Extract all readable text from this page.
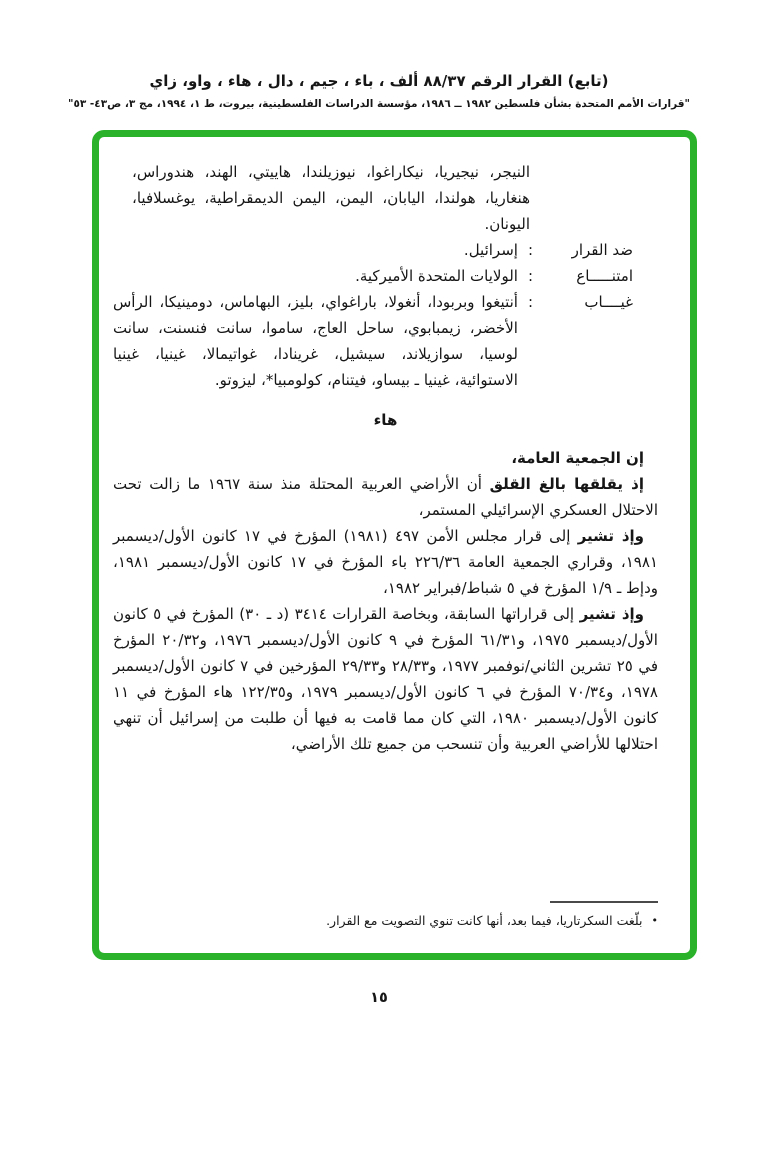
(تابع) القرار الرقم ٨٨/٣٧ ألف ، باء ، جيم ، دال ، هاء ، واو، زاي
"قرارات الأمم المتحدة بشأن فلسطين ١٩٨٢ ــ ١٩٨٦، مؤسسة الدراسات الفلسطينية، بيروت، ط ١، ١٩٩٤، مج ٣، ص٤٣- ٥٣"

النيجر، نيجيريا، نيكاراغوا، نيوزيلندا، هاييتي، الهند، هندوراس، هنغاريا، هولندا، اليابان، اليمن، اليمن الديمقراطية، يوغسلافيا، اليونان.

ضد القرار
:
إسرائيل.
امتنـــــاع
:
الولايات المتحدة الأميركية.
غيــــاب
:

أنتيغوا وبربودا، أنغولا، باراغواي، بليز، البهاماس، دومينيكا، الرأس الأخضر، زيمبابوي، ساحل العاج، ساموا، سانت فنسنت، سانت لوسيا، سوازيلاند، سيشيل، غرينادا، غواتيمالا، غينيا، غينيا الاستوائية، غينيا ـ بيساو، فيتنام، كولومبيا*، ليزوتو.

هاء

إن الجمعية العامة،

إذ يقلقها بالغ القلق أن الأراضي العربية المحتلة منذ سنة ١٩٦٧ ما زالت تحت الاحتلال العسكري الإسرائيلي المستمر،

وإذ تشير إلى قرار مجلس الأمن ٤٩٧ (١٩٨١) المؤرخ في ١٧ كانون الأول/ديسمبر ١٩٨١، وقراري الجمعية العامة ٢٢٦/٣٦ باء المؤرخ في ١٧ كانون الأول/ديسمبر ١٩٨١، ودإط ـ ١/٩ المؤرخ في ٥ شباط/فبراير ١٩٨٢،

وإذ تشير إلى قراراتها السابقة، وبخاصة القرارات ٣٤١٤ (د ـ ٣٠) المؤرخ في ٥ كانون الأول/ديسمبر ١٩٧٥، و٦١/٣١ المؤرخ في ٩ كانون الأول/ديسمبر ١٩٧٦، و٢٠/٣٢ المؤرخ في ٢٥ تشرين الثاني/نوفمبر ١٩٧٧، و٢٨/٣٣ و٢٩/٣٣ المؤرخين في ٧ كانون الأول/ديسمبر ١٩٧٨، و٧٠/٣٤ المؤرخ في ٦ كانون الأول/ديسمبر ١٩٧٩، و١٢٢/٣٥ هاء المؤرخ في ١١ كانون الأول/ديسمبر ١٩٨٠، التي كان مما قامت به فيها أن طلبت من إسرائيل أن تنهي احتلالها للأراضي العربية وأن تنسحب من جميع تلك الأراضي،

•
بلّغت السكرتاريا، فيما بعد، أنها كانت تنوي التصويت مع القرار.
١٥
